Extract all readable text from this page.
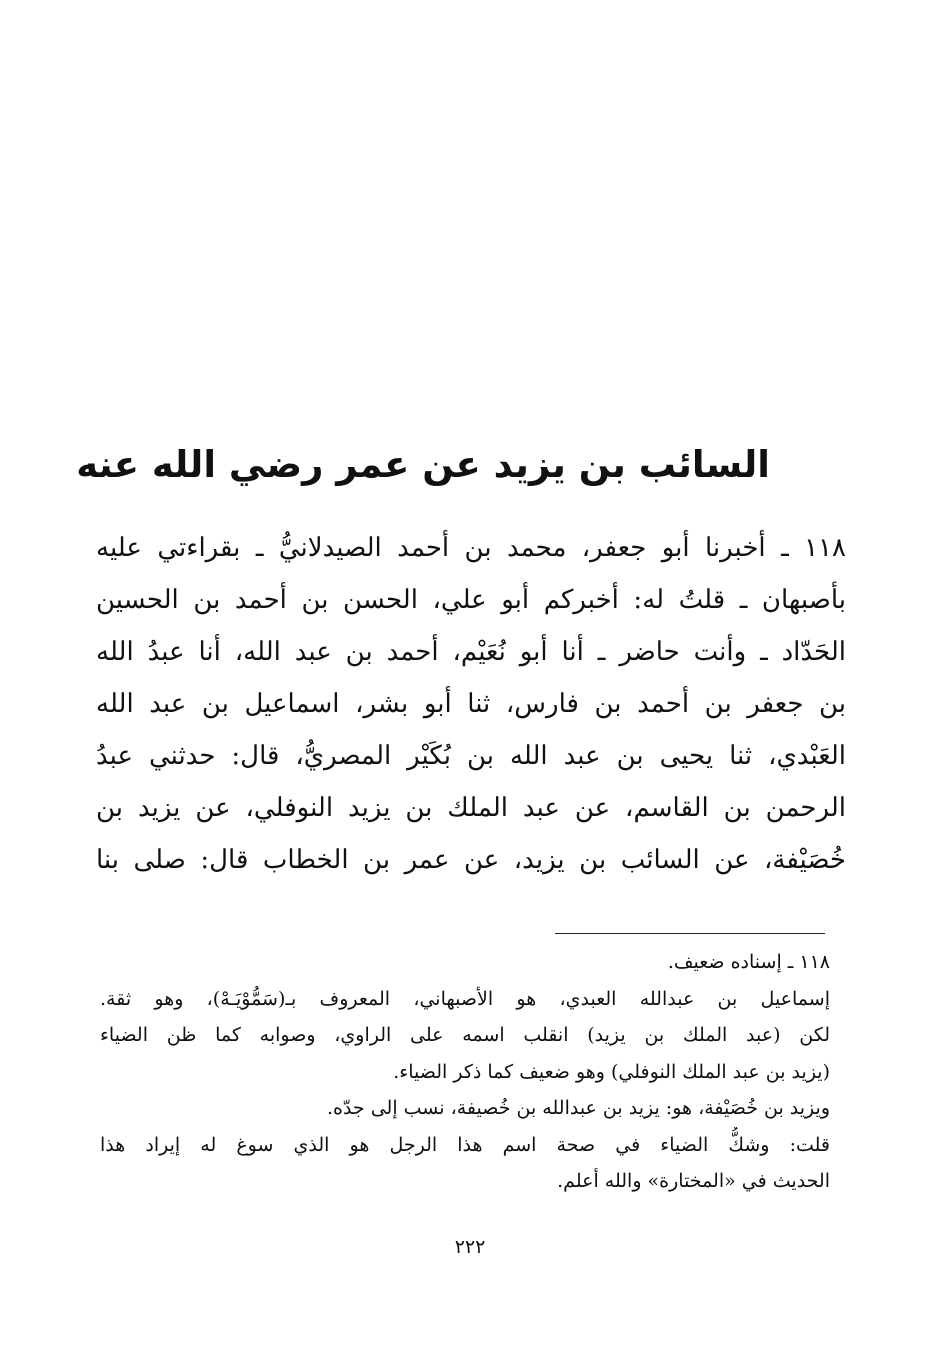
السائب بن يزيد عن عمر رضي الله عنه
١١٨ ـ أخبرنا أبو جعفر، محمد بن أحمد الصيدلانيُّ ـ بقراءتي عليه
بأصبهان ـ قلتُ له: أخبركم أبو علي، الحسن بن أحمد بن الحسين
الحَدّاد ـ وأنت حاضر ـ أنا أبو نُعَيْم، أحمد بن عبد الله، أنا عبدُ الله
بن جعفر بن أحمد بن فارس، ثنا أبو بشر، اسماعيل بن عبد الله
العَبْدي، ثنا يحيى بن عبد الله بن بُكَيْر المصريُّ، قال: حدثني عبدُ
الرحمن بن القاسم، عن عبد الملك بن يزيد النوفلي، عن يزيد بن
خُصَيْفة، عن السائب بن يزيد، عن عمر بن الخطاب قال: صلى بنا
١١٨ ـ إسناده ضعيف.
إسماعيل بن عبدالله العبدي، هو الأصبهاني، المعروف بـ(سَمُّوْيَـهْ)، وهو ثقة.
لكن (عبد الملك بن يزيد) انقلب اسمه على الراوي، وصوابه كما ظن الضياء
(يزيد بن عبد الملك النوفلي) وهو ضعيف كما ذكر الضياء.
ويزيد بن خُصَيْفة، هو: يزيد بن عبدالله بن خُصيفة، نسب إلى جدّه.
قلت: وشكُّ الضياء في صحة اسم هذا الرجل هو الذي سوغ له إيراد هذا
الحديث في «المختارة» والله أعلم.
٢٢٢
